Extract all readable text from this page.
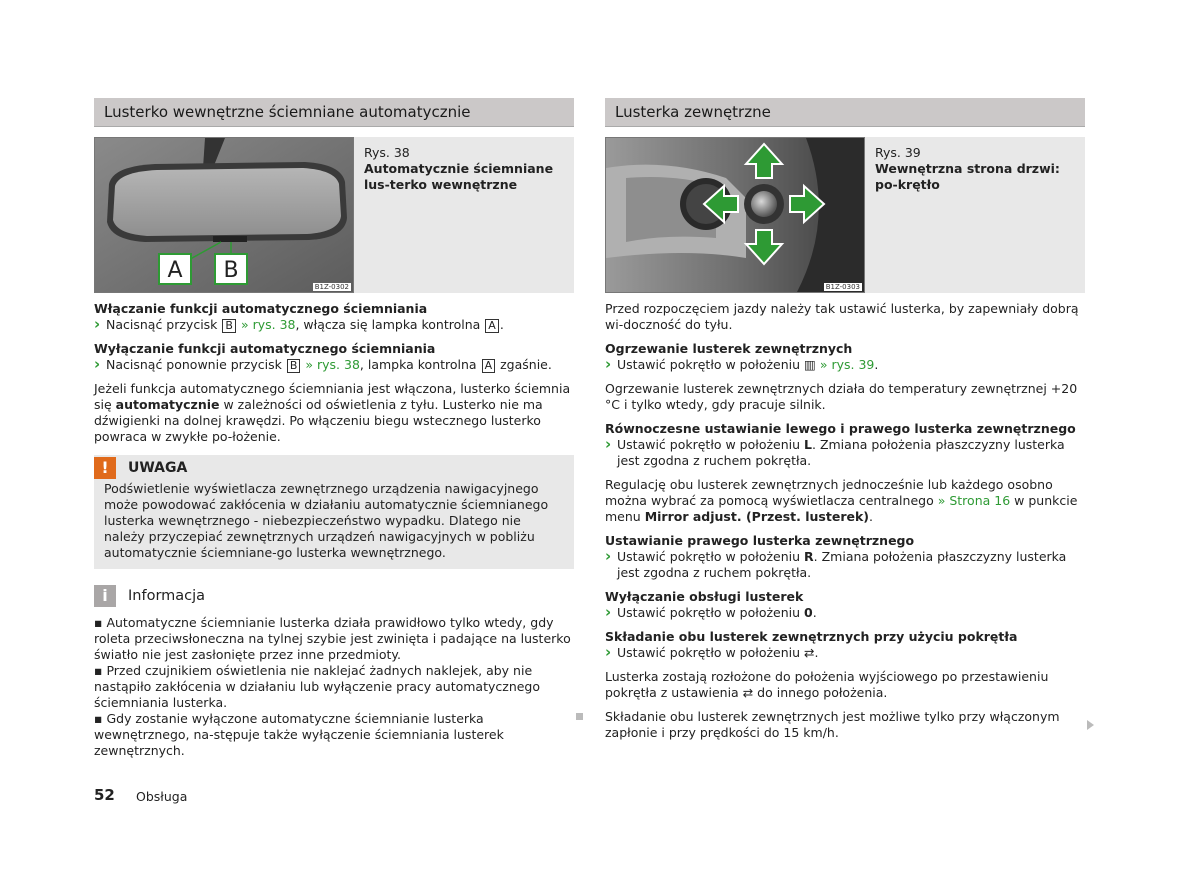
Lusterko wewnętrzne ściemniane automatycznie
A B
B1Z-0302
Rys. 38
Automatycznie ściemniane lus-terko wewnętrzne
Włączanie funkcji automatycznego ściemniania
› Nacisnąć przycisk B » rys. 38, włącza się lampka kontrolna A .
Wyłączanie funkcji automatycznego ściemniania
› Nacisnąć ponownie przycisk B » rys. 38, lampka kontrolna A zgaśnie.

Jeżeli funkcja automatycznego ściemniania jest włączona, lusterko ściemnia się automatycznie w zależności od oświetlenia z tyłu. Lusterko nie ma dźwigienki na dolnej krawędzi. Po włączeniu biegu wstecznego lusterko powraca w zwykłe po-łożenie.

!	UWAGA
Podświetlenie wyświetlacza zewnętrznego urządzenia nawigacyjnego może powodować zakłócenia w działaniu automatycznie ściemnianego lusterka wewnętrznego - niebezpieczeństwo wypadku. Dlatego nie należy przyczepiać zewnętrznych urządzeń nawigacyjnych w pobliżu automatycznie ściemniane-go lusterka wewnętrznego.
i	Informacja
▪ Automatyczne ściemnianie lusterka działa prawidłowo tylko wtedy, gdy roleta przeciwsłoneczna na tylnej szybie jest zwinięta i padające na lusterko światło nie jest zasłonięte przez inne przedmioty.
▪ Przed czujnikiem oświetlenia nie naklejać żadnych naklejek, aby nie nastąpiło zakłócenia w działaniu lub wyłączenie pracy automatycznego ściemniania lusterka.
▪ Gdy zostanie wyłączone automatyczne ściemnianie lusterka wewnętrznego, na-stępuje także wyłączenie ściemniania lusterek zewnętrznych.
Lusterka zewnętrzne
B1Z-0303
Rys. 39
Wewnętrzna strona drzwi: po-krętło

Przed rozpoczęciem jazdy należy tak ustawić lusterka, by zapewniały dobrą wi-doczność do tyłu.

Ogrzewanie lusterek zewnętrznych
› Ustawić pokrętło w położeniu ▥ » rys. 39.

Ogrzewanie lusterek zewnętrznych działa do temperatury zewnętrznej +20 °C i tylko wtedy, gdy pracuje silnik.

Równoczesne ustawianie lewego i prawego lusterka zewnętrznego
› Ustawić pokrętło w położeniu L. Zmiana położenia płaszczyzny lusterka jest zgodna z ruchem pokrętła.

Regulację obu lusterek zewnętrznych jednocześnie lub każdego osobno można wybrać za pomocą wyświetlacza centralnego » Strona 16 w punkcie menu Mirror adjust. (Przest. lusterek).

Ustawianie prawego lusterka zewnętrznego
› Ustawić pokrętło w położeniu R. Zmiana położenia płaszczyzny lusterka jest zgodna z ruchem pokrętła.
Wyłączanie obsługi lusterek
› Ustawić pokrętło w położeniu 0.
Składanie obu lusterek zewnętrznych przy użyciu pokrętła
› Ustawić pokrętło w położeniu ⇄.

Lusterka zostają rozłożone do położenia wyjściowego po przestawieniu pokrętła z ustawienia ⇄ do innego położenia.

Składanie obu lusterek zewnętrznych jest możliwe tylko przy włączonym zapłonie i przy prędkości do 15 km/h.

52 Obsługa
